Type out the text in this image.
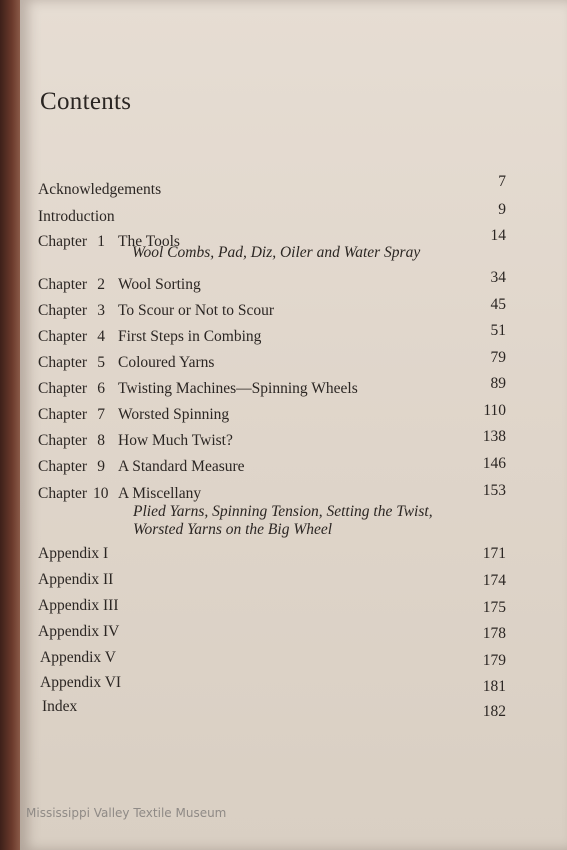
Contents
Acknowledgements	7
Introduction	9
Chapter 1 The Tools	14
Wool Combs, Pad, Diz, Oiler and Water Spray
Chapter 2 Wool Sorting	34
Chapter 3 To Scour or Not to Scour	45
Chapter 4 First Steps in Combing	51
Chapter 5 Coloured Yarns	79
Chapter 6 Twisting Machines—Spinning Wheels	89
Chapter 7 Worsted Spinning	110
Chapter 8 How Much Twist?	138
Chapter 9 A Standard Measure	146
Chapter 10 A Miscellany	153
Plied Yarns, Spinning Tension, Setting the Twist,
Worsted Yarns on the Big Wheel
Appendix I	171
Appendix II	174
Appendix III	175
Appendix IV	178
Appendix V	179
Appendix VI	181
Index	182
Mississippi Valley Textile Museum
